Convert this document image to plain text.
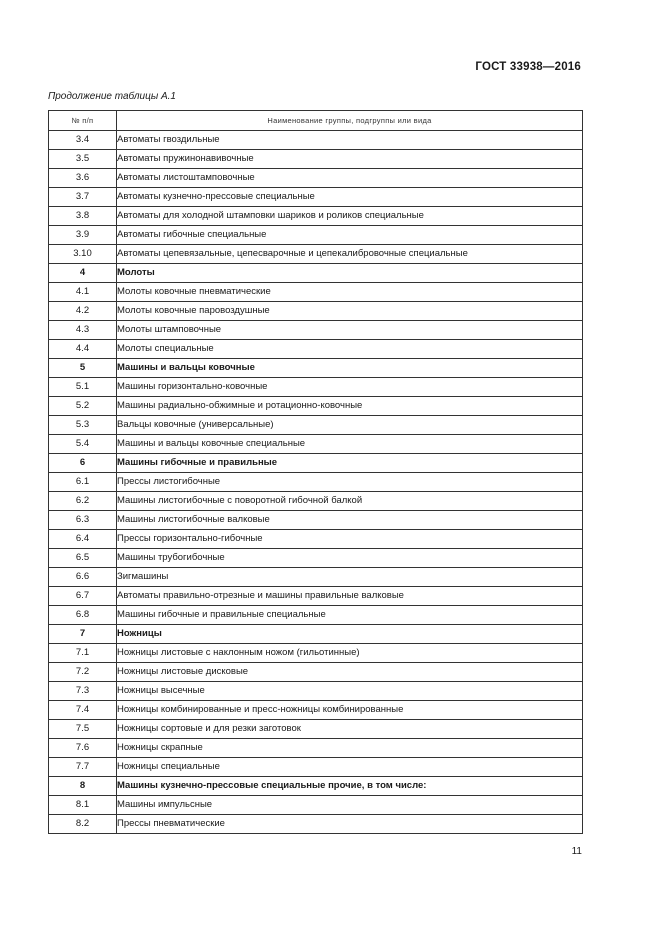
ГОСТ 33938—2016
Продолжение таблицы А.1
№ п/п	Наименование группы, подгруппы или вида
3.4	Автоматы гвоздильные
3.5	Автоматы пружинонавивочные
3.6	Автоматы листоштамповочные
3.7	Автоматы кузнечно-прессовые специальные
3.8	Автоматы для холодной штамповки шариков и роликов специальные
3.9	Автоматы гибочные специальные
3.10	Автоматы цепевязальные, цепесварочные и цепекалибровочные специальные
4	Молоты
4.1	Молоты ковочные пневматические
4.2	Молоты ковочные паровоздушные
4.3	Молоты штамповочные
4.4	Молоты специальные
5	Машины и вальцы ковочные
5.1	Машины горизонтально-ковочные
5.2	Машины радиально-обжимные и ротационно-ковочные
5.3	Вальцы ковочные (универсальные)
5.4	Машины и вальцы ковочные специальные
6	Машины гибочные и правильные
6.1	Прессы листогибочные
6.2	Машины листогибочные с поворотной гибочной балкой
6.3	Машины листогибочные валковые
6.4	Прессы горизонтально-гибочные
6.5	Машины трубогибочные
6.6	Зигмашины
6.7	Автоматы правильно-отрезные и машины правильные валковые
6.8	Машины гибочные и правильные специальные
7	Ножницы
7.1	Ножницы листовые с наклонным ножом (гильотинные)
7.2	Ножницы листовые дисковые
7.3	Ножницы высечные
7.4	Ножницы комбинированные и пресс-ножницы комбинированные
7.5	Ножницы сортовые и для резки заготовок
7.6	Ножницы скрапные
7.7	Ножницы специальные
8	Машины кузнечно-прессовые специальные прочие, в том числе:
8.1	Машины импульсные
8.2	Прессы пневматические
11
